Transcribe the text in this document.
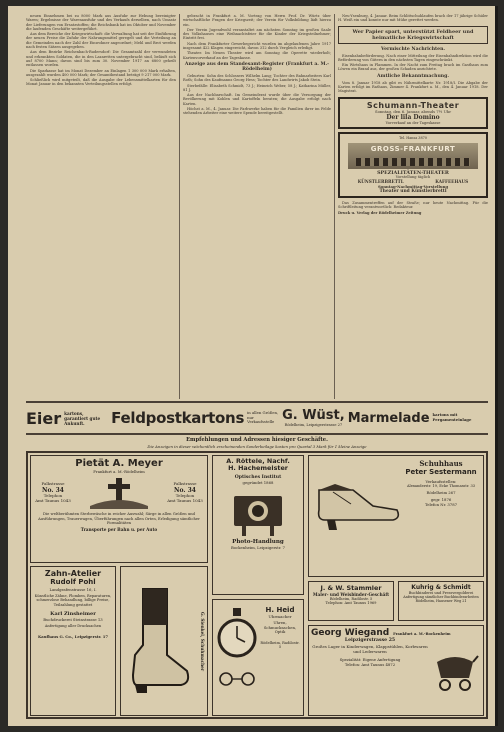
neuen Einnehmen bei zu 8000 Mark aus Ausfuhr zur Hebung bereinigter Waren; Ergebnisse der Warenausfuhr und des Verkaufs derselben, nach Umsatz der Lieferungen von Ersatzstoffen; die Reichsbank hat im Oktober und November die laufenden Geschäfte weitergeführt.

Aus dem Bereiche der Kriegswirtschaft: die Verwaltung hat seit der Einführung der neuen Preise die Zufuhr der Nahrungsmittel geregelt und die Verteilung an die Gemeinden nach der Zahl der Einwohner angeordnet; Mehl und Brot werden nach festen Sätzen ausgegeben.

Aus dem Bezirke Reichenbach-Rudersdorf: Die Gesamtzahl der verwundeten und erkrankten Soldaten, die in den Lazaretten untergebracht sind, beläuft sich auf 8700 Mann; davon sind bis zum 30. November 1917 an 6800 geheilt entlassen worden.

Die Sparkasse hat im Monat Dezember an Einlagen 1 300 000 Mark erhalten, ausgezahlt wurden 400 000 Mark; der Gesamtbestand beträgt 9 217 000 Mark.

Schließlich wird mitgeteilt, daß die Ausgabe der Lebensmittelkarten für den Monat Januar in den bekannten Verteilungsstellen erfolgt.

gebracht in Frankfurt a. M. Vortrag von Herrn Prof. Dr. Würtz über wirtschaftliche Fragen der Kriegszeit; der Verein für Volksbildung lädt hierzu ein.

Der Verein Jugendwohl veranstaltet am nächsten Sonntag im großen Saale des Volkshauses eine Weihnachtsfeier für die Kinder der Kriegsteilnehmer; Eintritt frei.

Nach dem Frankfurter Gewerbegericht wurden im abgelaufenen Jahre 1917 insgesamt 422 Klagen eingereicht, davon 312 durch Vergleich erledigt.

Theater. Im Neuen Theater wird am Sonntag die Operette wiederholt; Kartenvorverkauf an der Tageskasse.

Anzeige aus dem Standesamt-Register (Frankfurt a. M.-Rödelheim)

Geburten: Sohn des Schlossers Wilhelm Lang; Tochter des Bahnarbeiters Karl Roth; Sohn des Kaufmanns Georg Hess; Tochter des Landwirts Jakob Stein.

Sterbefälle: Elisabeth Schmidt, 73 J.; Heinrich Weber, 58 J.; Katharina Müller, 81 J.

Aus der Nachbarschaft. Im Gemeinderat wurde über die Versorgung der Bevölkerung mit Kohlen und Kartoffeln beraten; die Ausgabe erfolgt nach Karten.

Höchst a. M., 4. Januar. Die Farbwerke haben für die Familien ihrer im Felde stehenden Arbeiter eine weitere Spende bereitgestellt.

Neu-Ysenburg, 4. Januar. Beim Schlittschuhlaufen brach der 17 jährige Schüler H. Weiß ein und konnte nur mit Mühe gerettet werden.

Wer Papier spart, unterstützt Feldheer und heimatliche Kriegswirtschaft
Vermischte Nachrichten.

Eisenbahnbeförderung. Nach einer Mitteilung der Eisenbahndirektion wird die Beförderung von Gütern in den nächsten Tagen eingeschränkt.

Ein Wirtshaus in Flammen. In der Nacht zum Freitag brach im Gasthaus zum Löwen ein Brand aus, der großen Schaden anrichtete.

Amtliche Bekanntmachung.

Vom 8. Januar 1918 ab gibt es Nährmittelkarte Nr. 1918/I. Die Abgabe der Karten erfolgt im Rathaus, Zimmer 4. Frankfurt a. M., den 4. Januar 1918. Der Magistrat.

Schumann-Theater
Sonntag, den 6. Januar, abends 7½ Uhr
Der lila Domino
Vorverkauf an der Tageskasse
Tel. Hansa 3870
GROSS-FRANKFURT
SPEZIALITÄTEN-THEATER
Vorstellung täglich
KÜNSTLERBRETTL	KAFFEEHAUS
Sonntag-Nachmittag-Vorstellung
Theater und Künstlerbrettl

Das Zusammentreffen auf der Straße; nur heute Nachmittag. Für die Schriftleitung verantwortlich: Redakteur.

Druck u. Verlag der Rödelheimer Zeitung

Eier kartons, garantiert gute Ankunft.	Feldpostkartons in allen Größen, nur Verkaufsstelle G. Wüst,
Rödelheim, Leipzigerstrasse 27 Marmelade kartons mit Pergamenteinlage
Empfehlungen und Adressen hiesiger Geschäfte.
Die Anzeigen in dieser wöchentlich erscheinenden Sonderbeilage kosten pro Quartal 3 Mark für 1 kleine Anzeige
Pietät A. Meyer
Frankfurt a. M.-Rödelheim
Falkstrasse
No. 34
Telephon
Amt Taunus 1043
Falkstrasse
No. 34
Telephon
Amt Taunus 1043
Die weltberühmten Sterbewäsche in reicher Auswahl; Särge in allen Größen und Ausführungen, Trauerwagen, Überführungen nach allen Orten, Erledigung sämtlicher Formalitäten
Transporte per Bahn u. per Auto
A. Röttele, Nachf.
H. Hachemeister
Optisches Institut
gegründet 1868
Photo-Handlung
Bockenheim, Leipzigerstr. 7
Schuhhaus
Peter Sestermann
Verkaufsstellen:
Alexanderstr. 19, Ecke Thomasstr. 33
Rödelheim 267
gegr. 1876
Telefon Nr. 3787
Zahn-Atelier
Rudolf Pohl
Landgrafenstrasse 16, I.
Künstliche Zähne, Plomben, Reparaturen, schmerzlose Behandlung, billige Preise, Teilzahlung gestattet
Karl Zinsheimer
Buchdruckerei Steinstrasse 13
Anfertigung aller Drucksachen
Kaufhaus G. Co., Leipzigerstr. 17	G. Sienkel, Schuhmacher
H. Heid
Uhrmacher
Uhren, Schmucksachen, Optik
Rödelheim, Radilostr. 5
J. & W. Stammler
Maler- und Weisbinder-Geschäft
Rödelheim, Radilostr. 5
Telephon: Amt Taunus 1969
Kuhrig & Schmidt
Buchbinderei und Pressvergolderei
Anfertigung sämtlicher Buchbinderarbeiten
Rödelheim, Hausener Weg 21
Georg Wiegand Frankfurt a. M.-Bockenheim
Leipzigerstrasse 25
Großes Lager in Kinderwagen, Klappstühlen, Korbwaren und Lederwaren
Spezialität: Eigene Anfertigung
Telefon: Amt Taunus 4872
